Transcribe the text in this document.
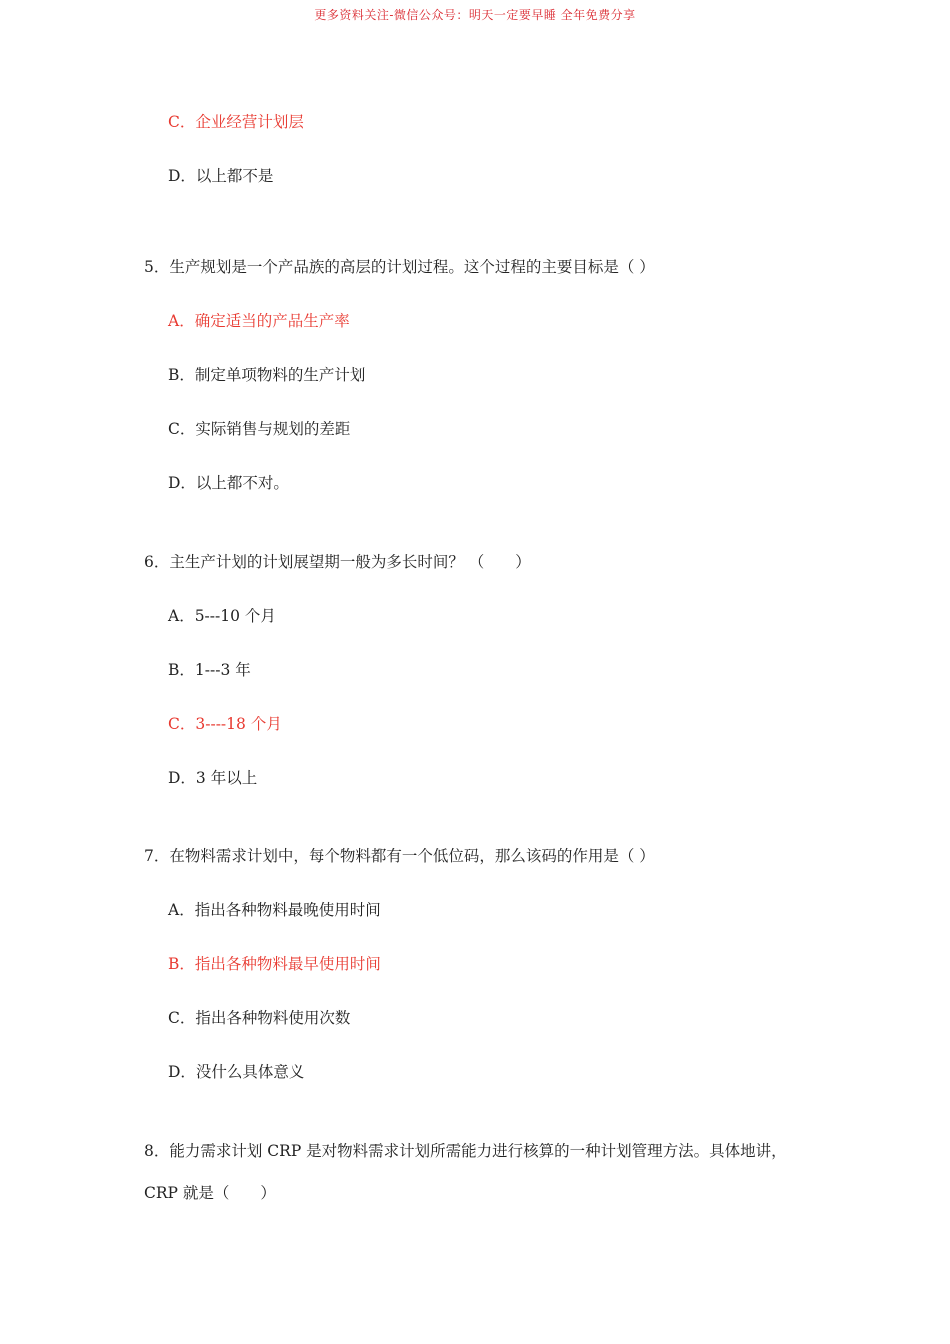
更多资料关注-微信公众号：明天一定要早睡 全年免费分享
C．企业经营计划层
D．以上都不是
5．生产规划是一个产品族的高层的计划过程。这个过程的主要目标是（ ）
A．确定适当的产品生产率
B．制定单项物料的生产计划
C．实际销售与规划的差距
D．以上都不对。
6．主生产计划的计划展望期一般为多长时间？ （　　）
A．5---10 个月
B．1---3 年
C．3----18 个月
D．3 年以上
7．在物料需求计划中，每个物料都有一个低位码，那么该码的作用是（ ）
A．指出各种物料最晚使用时间
B．指出各种物料最早使用时间
C．指出各种物料使用次数
D．没什么具体意义
8．能力需求计划 CRP 是对物料需求计划所需能力进行核算的一种计划管理方法。具体地讲，
CRP 就是（　　）
